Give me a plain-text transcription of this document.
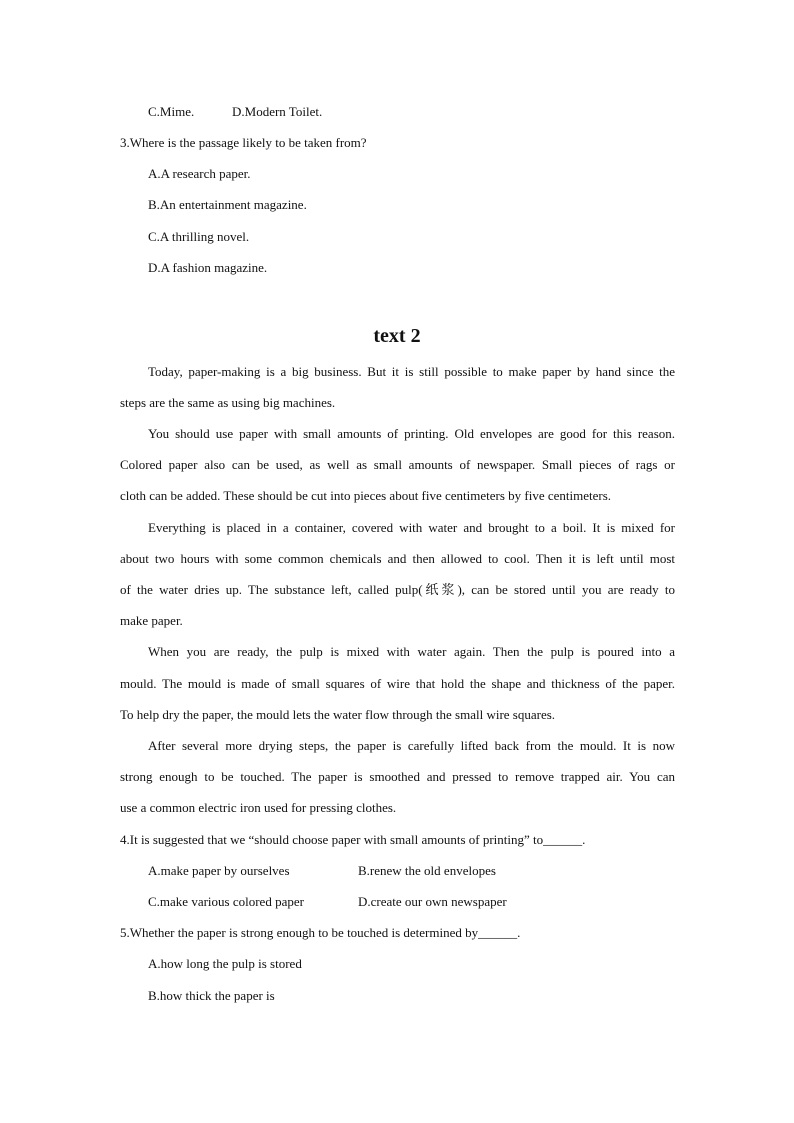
C.Mime.	D.Modern Toilet.
3.Where is the passage likely to be taken from?
A.A research paper.
B.An entertainment magazine.
C.A thrilling novel.
D.A fashion magazine.
text 2
Today, paper-making is a big business. But it is still possible to make paper by hand since the
steps are the same as using big machines.
You should use paper with small amounts of printing. Old envelopes are good for this reason.
Colored paper also can be used, as well as small amounts of newspaper. Small pieces of rags or
cloth can be added. These should be cut into pieces about five centimeters by five centimeters.
Everything is placed in a container, covered with water and brought to a boil. It is mixed for
about two hours with some common chemicals and then allowed to cool. Then it is left until most
of the water dries up. The substance left, called pulp(纸浆), can be stored until you are ready to
make paper.
When you are ready, the pulp is mixed with water again. Then the pulp is poured into a
mould. The mould is made of small squares of wire that hold the shape and thickness of the paper.
To help dry the paper, the mould lets the water flow through the small wire squares.
After several more drying steps, the paper is carefully lifted back from the mould. It is now
strong enough to be touched. The paper is smoothed and pressed to remove trapped air. You can
use a common electric iron used for pressing clothes.
4.It is suggested that we “should choose paper with small amounts of printing” to______.
A.make paper by ourselves	B.renew the old envelopes
C.make various colored paper	D.create our own newspaper
5.Whether the paper is strong enough to be touched is determined by______.
A.how long the pulp is stored
B.how thick the paper is
